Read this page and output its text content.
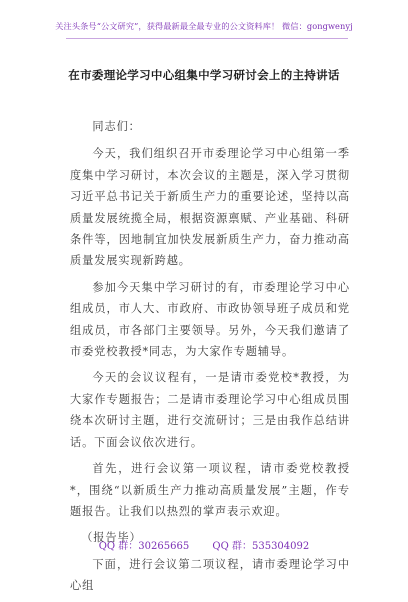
关注头条号“公文研究”，获得最新最全最专业的公文资料库！ 微信：gongwenyj
在市委理论学习中心组集中学习研讨会上的主持讲话

同志们：

今天，我们组织召开市委理论学习中心组第一季度集中学习研讨，本次会议的主题是，深入学习贯彻习近平总书记关于新质生产力的重要论述，坚持以高质量发展统揽全局，根据资源禀赋、产业基础、科研条件等，因地制宜加快发展新质生产力，奋力推动高质量发展实现新跨越。

参加今天集中学习研讨的有，市委理论学习中心组成员，市人大、市政府、市政协领导班子成员和党组成员，市各部门主要领导。另外，今天我们邀请了市委党校教授*同志，为大家作专题辅导。

今天的会议议程有，一是请市委党校*教授，为大家作专题报告；二是请市委理论学习中心组成员围绕本次研讨主题，进行交流研讨；三是由我作总结讲话。下面会议依次进行。

首先，进行会议第一项议程，请市委党校教授*，围绕“以新质生产力推动高质量发展”主题，作专题报告。让我们以热烈的掌声表示欢迎。

（报告毕）

下面，进行会议第二项议程，请市委理论学习中心组

QQ 群：30265665 QQ 群：535304092
